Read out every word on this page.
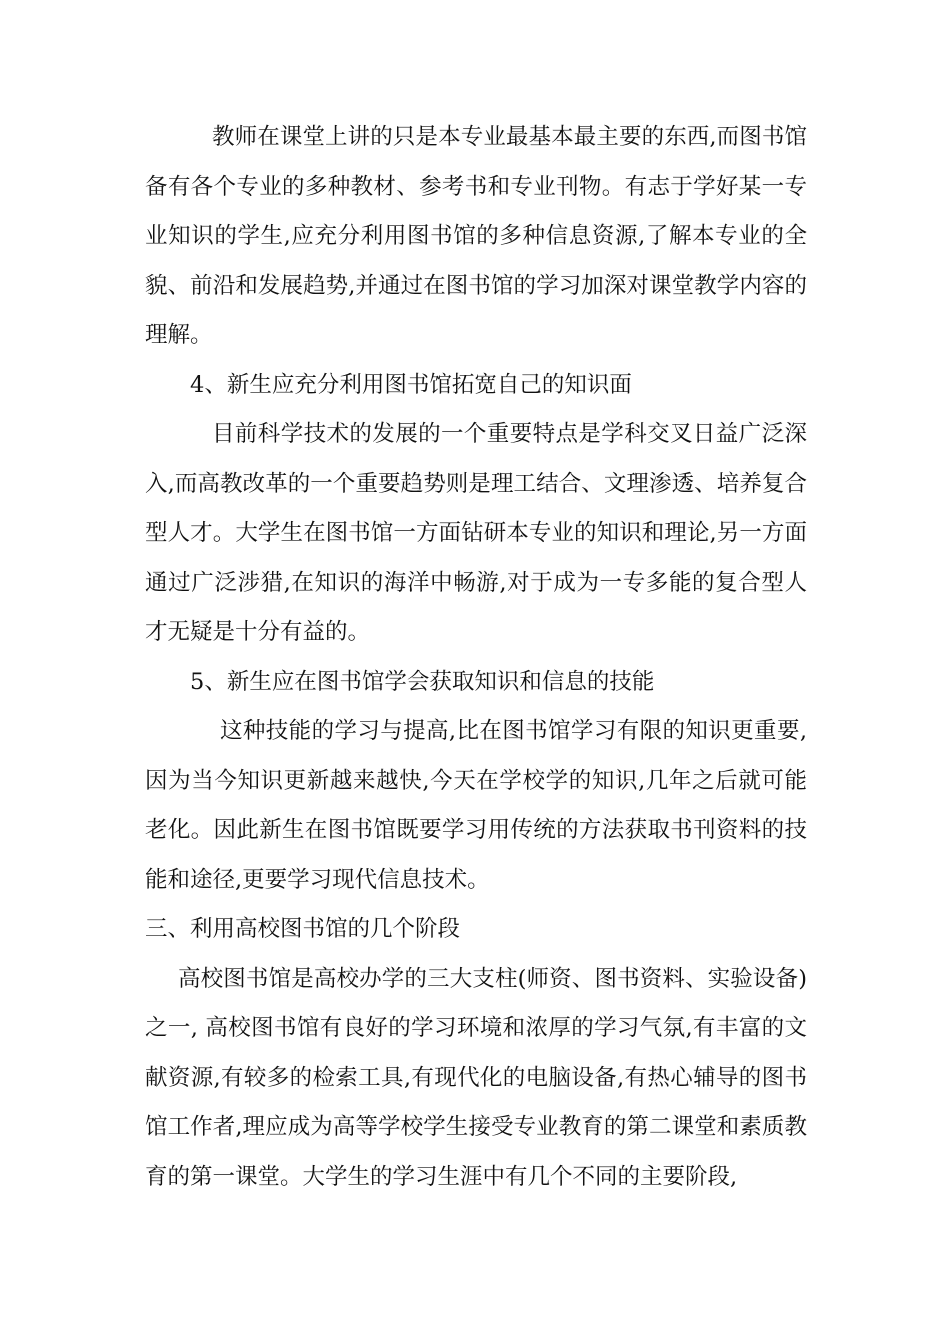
教师在课堂上讲的只是本专业最基本最主要的东西,而图书馆备有各个专业的多种教材、参考书和专业刊物。有志于学好某一专业知识的学生,应充分利用图书馆的多种信息资源,了解本专业的全貌、前沿和发展趋势,并通过在图书馆的学习加深对课堂教学内容的理解。

4、新生应充分利用图书馆拓宽自己的知识面

目前科学技术的发展的一个重要特点是学科交叉日益广泛深入,而高教改革的一个重要趋势则是理工结合、文理渗透、培养复合型人才。大学生在图书馆一方面钻研本专业的知识和理论,另一方面通过广泛涉猎,在知识的海洋中畅游,对于成为一专多能的复合型人才无疑是十分有益的。

5、新生应在图书馆学会获取知识和信息的技能

这种技能的学习与提高,比在图书馆学习有限的知识更重要,因为当今知识更新越来越快,今天在学校学的知识,几年之后就可能老化。因此新生在图书馆既要学习用传统的方法获取书刊资料的技能和途径,更要学习现代信息技术。

三、利用高校图书馆的几个阶段

高校图书馆是高校办学的三大支柱(师资、图书资料、实验设备)之一, 高校图书馆有良好的学习环境和浓厚的学习气氛,有丰富的文献资源,有较多的检索工具,有现代化的电脑设备,有热心辅导的图书馆工作者,理应成为高等学校学生接受专业教育的第二课堂和素质教育的第一课堂。大学生的学习生涯中有几个不同的主要阶段,
